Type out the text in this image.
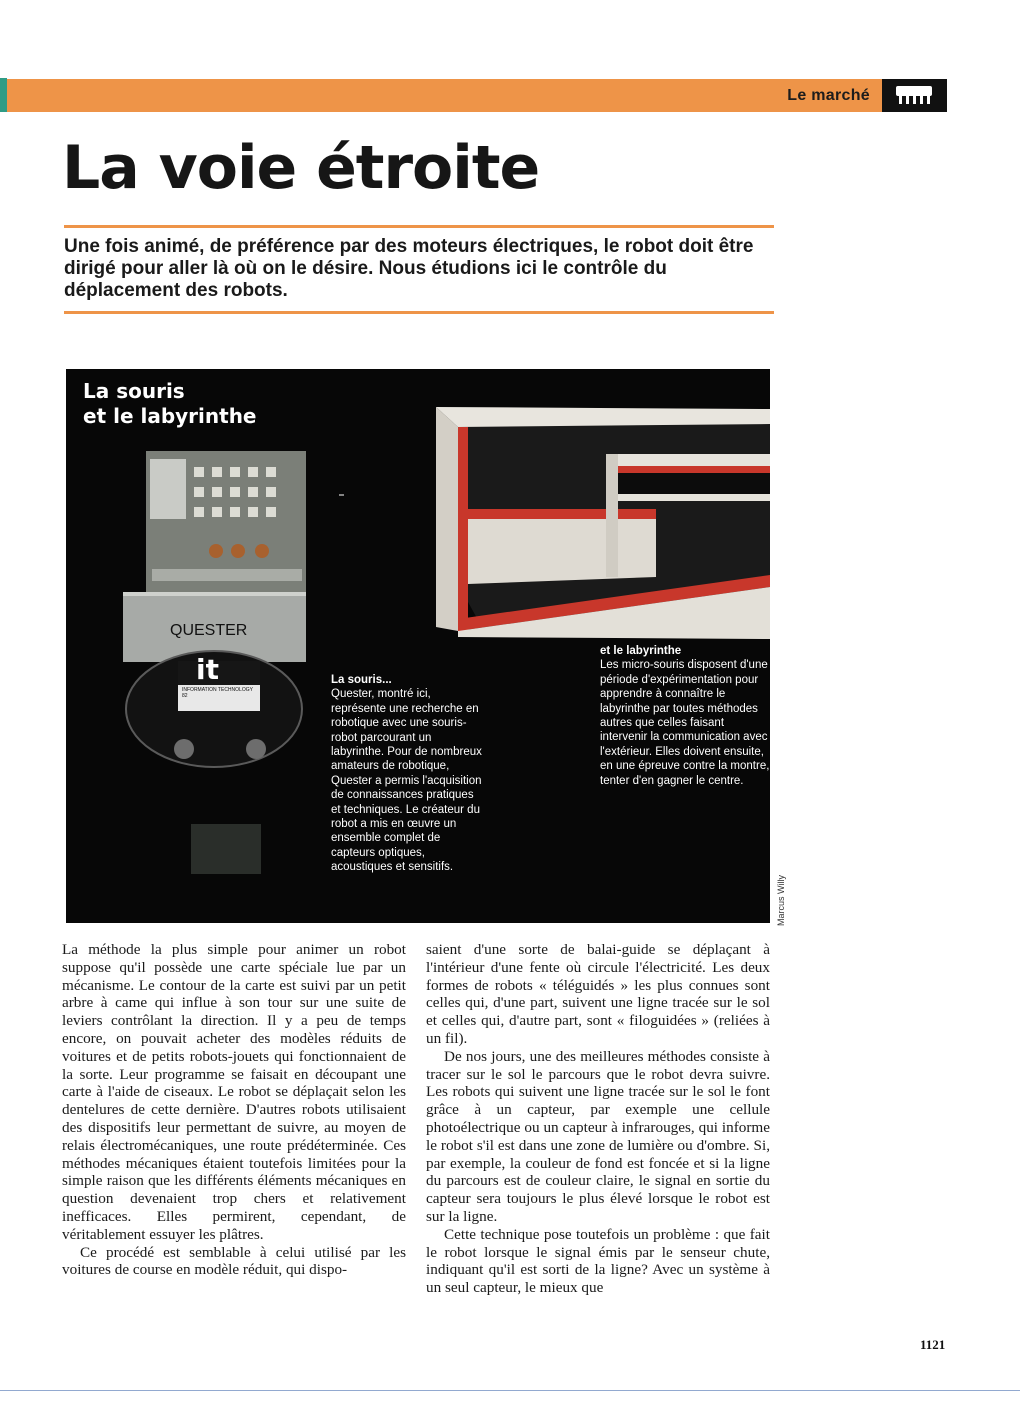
Le marché
La voie étroite

Une fois animé, de préférence par des moteurs électriques, le robot doit être dirigé pour aller là où on le désire. Nous étudions ici le contrôle du déplacement des robots.

La souris
et le labyrinthe
QUESTER
it
INFORMATION TECHNOLOGY 82
La souris...
Quester, montré ici, représente une recherche en robotique avec une souris-robot parcourant un labyrinthe. Pour de nombreux amateurs de robotique, Quester a permis l'acquisition de connaissances pratiques et techniques. Le créateur du robot a mis en œuvre un ensemble complet de capteurs optiques, acoustiques et sensitifs.
et le labyrinthe
Les micro-souris disposent d'une période d'expérimentation pour apprendre à connaître le labyrinthe par toutes méthodes autres que celles faisant intervenir la communication avec l'extérieur. Elles doivent ensuite, en une épreuve contre la montre, tenter d'en gagner le centre.
Marcus Willy

La méthode la plus simple pour animer un robot suppose qu'il possède une carte spéciale lue par un mécanisme. Le contour de la carte est suivi par un petit arbre à came qui influe à son tour sur une suite de leviers contrôlant la direction. Il y a peu de temps encore, on pouvait acheter des modèles réduits de voitures et de petits robots-jouets qui fonctionnaient de la sorte. Leur programme se faisait en découpant une carte à l'aide de ciseaux. Le robot se déplaçait selon les dentelures de cette dernière. D'autres robots utilisaient des dispositifs leur permettant de suivre, au moyen de relais électromécaniques, une route prédéterminée. Ces méthodes mécaniques étaient toutefois limitées pour la simple raison que les différents éléments mécaniques en question devenaient trop chers et relativement inefficaces. Elles permirent, cependant, de véritablement essuyer les plâtres.

Ce procédé est semblable à celui utilisé par les voitures de course en modèle réduit, qui dispo-

saient d'une sorte de balai-guide se déplaçant à l'intérieur d'une fente où circule l'électricité. Les deux formes de robots « téléguidés » les plus connues sont celles qui, d'une part, suivent une ligne tracée sur le sol et celles qui, d'autre part, sont « filoguidées » (reliées à un fil).

De nos jours, une des meilleures méthodes consiste à tracer sur le sol le parcours que le robot devra suivre. Les robots qui suivent une ligne tracée sur le sol le font grâce à un capteur, par exemple une cellule photoélectrique ou un capteur à infrarouges, qui informe le robot s'il est dans une zone de lumière ou d'ombre. Si, par exemple, la couleur de fond est foncée et si la ligne du parcours est de couleur claire, le signal en sortie du capteur sera toujours le plus élevé lorsque le robot est sur la ligne.

Cette technique pose toutefois un problème : que fait le robot lorsque le signal émis par le senseur chute, indiquant qu'il est sorti de la ligne? Avec un système à un seul capteur, le mieux que

1121
